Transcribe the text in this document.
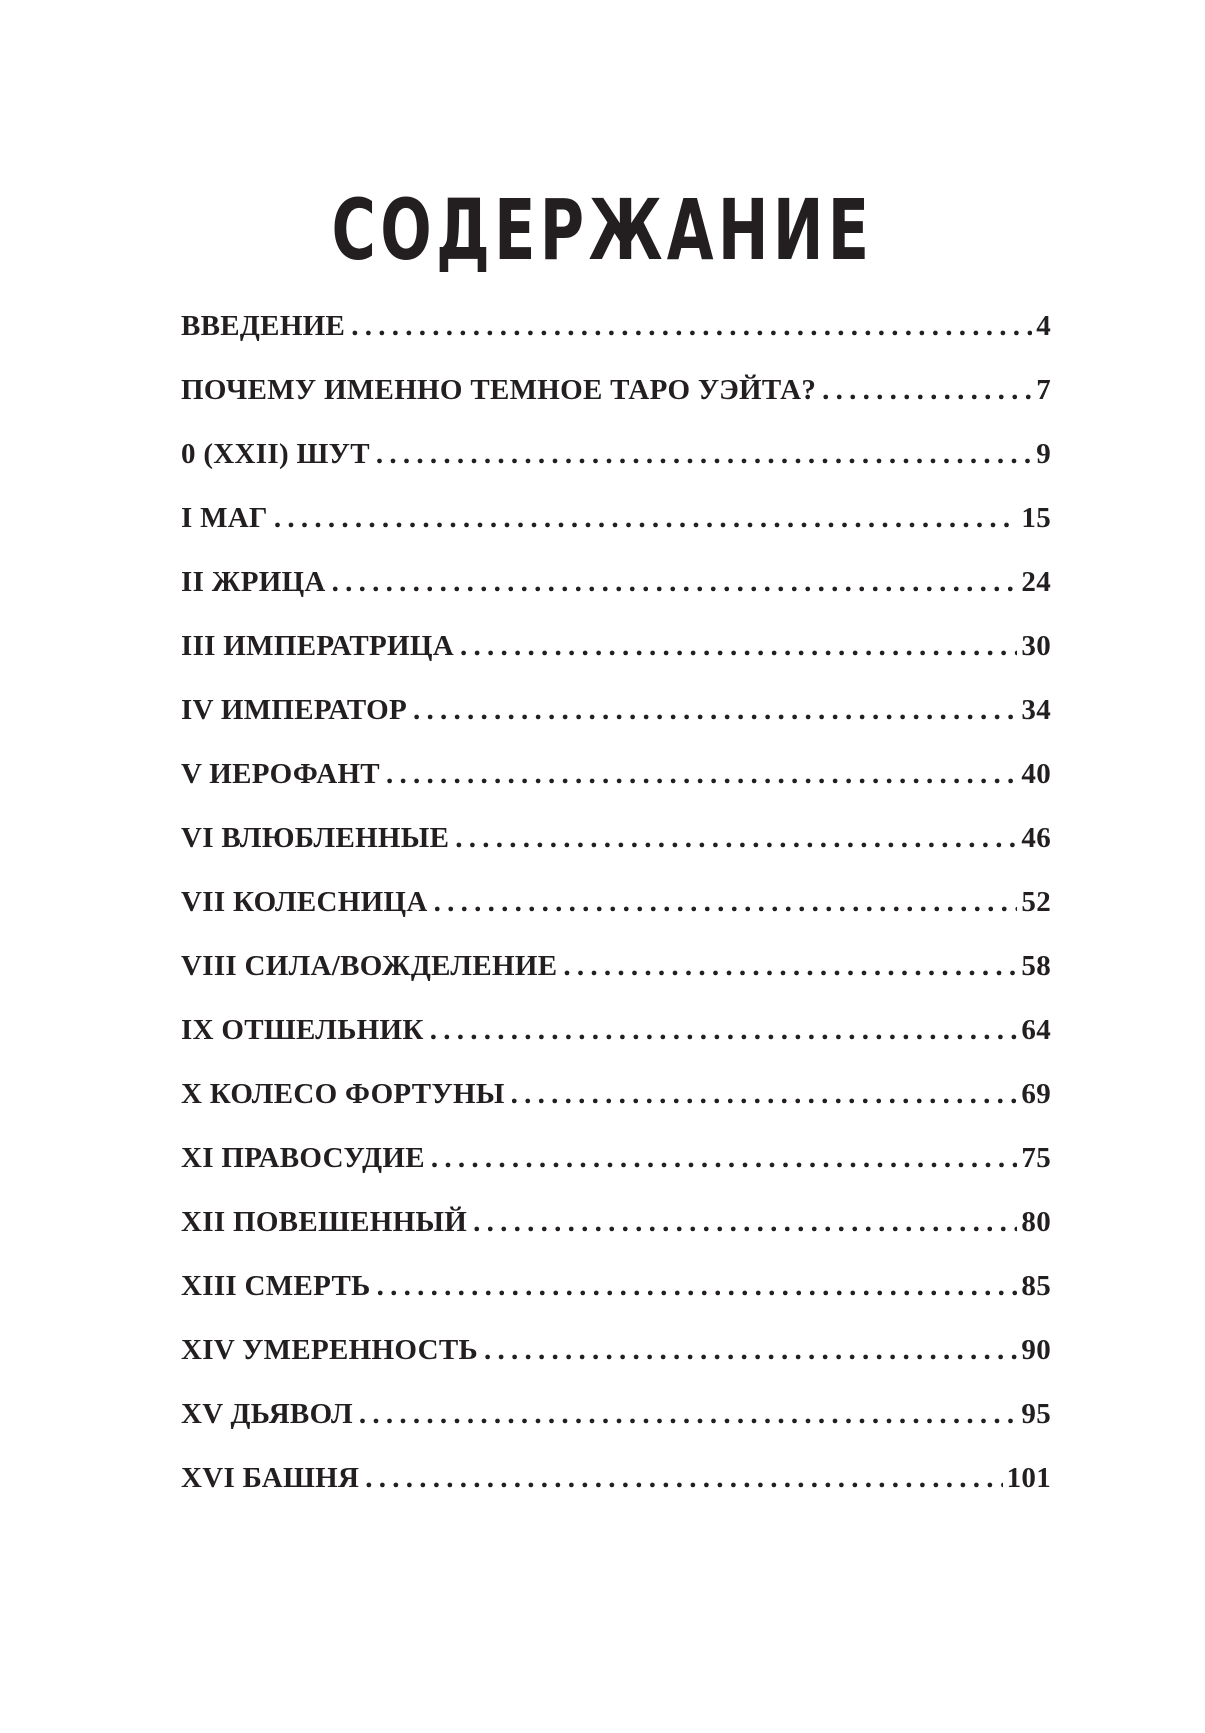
СОДЕРЖАНИЕ
ВВЕДЕНИЕ . . .	4
ПОЧЕМУ ИМЕННО ТЕМНОЕ ТАРО УЭЙТА? . . .	7
0 (XXII) ШУТ . . .	9
I МАГ . . .	15
II ЖРИЦА . . .	24
III ИМПЕРАТРИЦА . . .	30
IV ИМПЕРАТОР . . .	34
V ИЕРОФАНТ . . .	40
VI ВЛЮБЛЕННЫЕ . . .	46
VII КОЛЕСНИЦА . . .	52
VIII СИЛА/ВОЖДЕЛЕНИЕ . . .	58
IX ОТШЕЛЬНИК . . .	64
X КОЛЕСО ФОРТУНЫ . . .	69
XI ПРАВОСУДИЕ . . .	75
XII ПОВЕШЕННЫЙ . . .	80
XIII СМЕРТЬ . . .	85
XIV УМЕРЕННОСТЬ . . .	90
XV ДЬЯВОЛ . . .	95
XVI БАШНЯ . . .	101
